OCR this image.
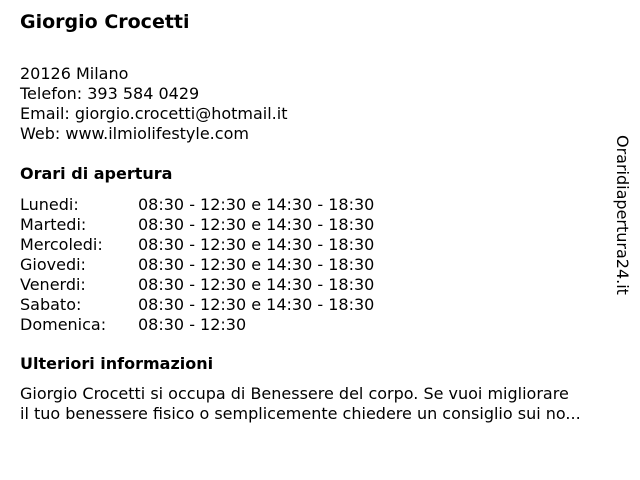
Giorgio Crocetti
20126 Milano
Telefon: 393 584 0429
Email: giorgio.crocetti@hotmail.it
Web: www.ilmiolifestyle.com
Orari di apertura
Lunedi:	08:30 - 12:30 e 14:30 - 18:30
Martedi:	08:30 - 12:30 e 14:30 - 18:30
Mercoledi: 08:30 - 12:30 e 14:30 - 18:30
Giovedi:	08:30 - 12:30 e 14:30 - 18:30
Venerdi:	08:30 - 12:30 e 14:30 - 18:30
Sabato:	08:30 - 12:30 e 14:30 - 18:30
Domenica: 08:30 - 12:30
Ulteriori informazioni
Giorgio Crocetti si occupa di Benessere del corpo. Se vuoi migliorare
il tuo benessere fisico o semplicemente chiedere un consiglio sui no...
Oraridiapertura24.it
